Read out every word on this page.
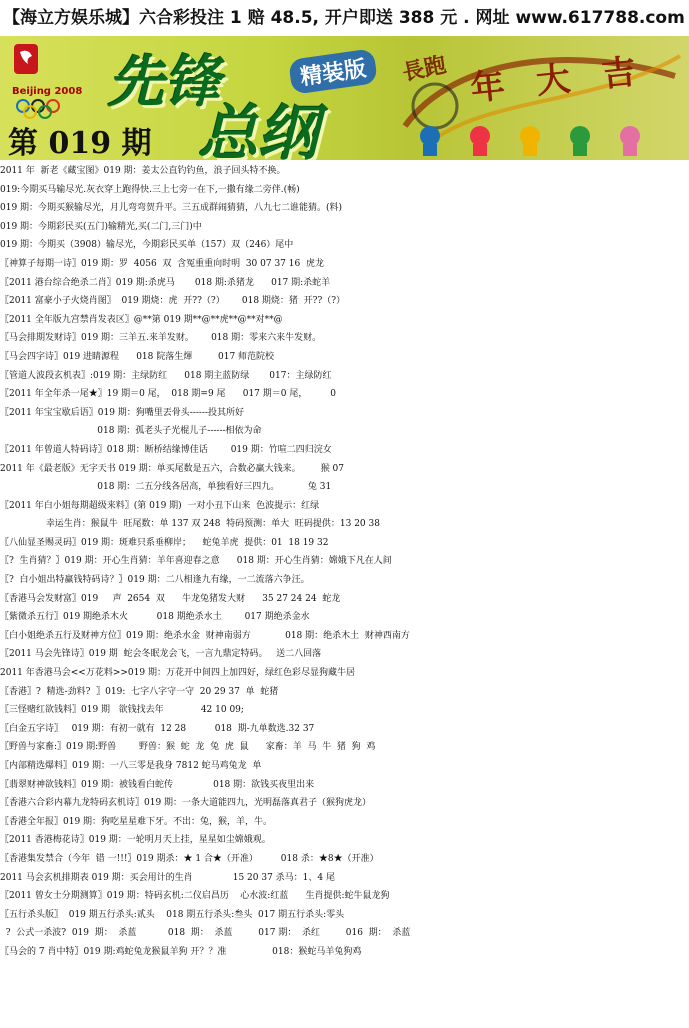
【海立方娱乐城】六合彩投注 1 赔 48.5, 开户即送 388 元 . 网址 www.617788.com
Beijing 2008 先锋	精装版
总纲
第 019 期
長跑 年 大 吉
2011 年  新老《藏宝图》019 期：姜太公直钓钓鱼，浪子回头特不换。
019:今期买马输尽光.灰衣穿上跑得快.三上七旁一在下,一撒有缘二旁伴.(畅)
019 期：今期买猴输尽光，月儿弯弯贺升平。三五成群闹猜猜，八九七二谁能猜。(料)
019 期：今期彩民买(五门)输精光,买(二门,三门)中
019 期：今期买（3908）输尽光，今期彩民买单（157）双（246）尾中
〖神算子每期一诗〗019 期：罗  4056  双  含冤重重向时明  30 07 37 16  虎龙
〖2011 港台综合绝杀二肖〗019 期:杀虎马       018 期:杀猪龙      017 期:杀蛇羊
〖2011 富豪小子火烧肖图〗  019 期烧：虎  开??（?）      018 期烧：猪  开??（?）
〖2011 全年版九宫禁肖发表区〗@**第 019 期**@**虎**@**对**@
〖马会排期发财诗〗019 期：三羊五.来羊发财。      018 期：零来六来牛发财。
〖马会四字诗〗019 进睛源程      018 院落生煇         017 师范院校
〖管道人波段玄机表〗:019 期：主绿防红      018 期主蓝防绿       017：主绿防红
〖2011 年全年杀一尾★〗19 期＝0 尾，  018 期=9 尾      017 期＝0 尾，        0
〖2011 年宝宝歇后语〗019 期：狗嘴里丟骨头------投其所好
018 期：孤老头子光棍儿子------相依为命
〖2011 年曾道人特码诗〗018 期：断桥结缘博佳话        019 期：竹喧二四归浣女
2011 年《最老版》无字天书 019 期：单买尾数是五六，合数必赢大钱来。       猴 07
018 期：二五分线各居高，单独看好三四九。          兔 31
〖2011 年白小姐每期超级来料〗(第 019 期)  一对小丑下山来  色波提示：红绿
幸运生肖：猴鼠牛  旺尾数：单 137 双 248  特码预测：单大  旺码提供：13 20 38
〖八仙显圣赐灵码〗019 期：斑难只系垂柳岸；    蛇兔羊虎  提供：01  18 19 32
〖?  生肖猜？〗019 期：开心生肖猜：羊年喜迎春之意      018 期：开心生肖猜：嫦娥下凡在人间
〖?  白小姐出特赢钱特码诗？〗019 期：二八相逢九有缘，一二流落六争汪。
〖香港马会发财富〗019     声  2654  双      牛龙兔猪发大财      35 27 24 24  蛇龙
〖紫微杀五行〗019 期绝杀木火          018 期绝杀水土        017 期绝杀金水
〖白小姐绝杀五行及财神方位〗019 期：绝杀水金  财神南弱方            018 期：绝杀木土  财神西南方
〖2011 马会先锋诗〗019 期  蛇会冬眠龙会飞，一言九鼎定特码。   送二八回落
2011 年香港马会<<万花料>>019 期：万花开中间四上加四好，绿红色彩尽显狗藏牛居
〖香港〗?  精选-劲料?  〗019:  七字八字守一守  20 29 37  单  蛇猪
〖三怪赌红欲钱料〗019 期   欲钱找去年             42 10 09;
〖白金五字诗〗   019 期：有初一就有  12 28          018  期-九单数选.32 37
〖野兽与家畜:〗019 期:野兽        野兽：猴  蛇  龙  兔  虎  鼠      家畜：羊  马  牛  猪  狗  鸡
〖内部精选爆料〗019 期：一八三零是我身 7812 蛇马鸡兔龙  单
〖翡翠财神欲钱料〗019 期：被钱看白蛇传              018 期：欲钱买夜里出来
〖香港六合彩内幕九龙特码玄机诗〗019 期：一条大道能四九，光明磊落真君子（猴狗虎龙）
〖香港全年报〗019 期：狗吃星星难下牙。不出：兔，猴，羊，牛。
〖2011 香港梅花诗〗019 期：一轮明月天上挂，星星如尘嫦娥观。
〖香港集发禁合（今年  错 一!!!〗019 期杀：★ 1 合★（开准）        018 杀：★8★（开准）
2011 马会玄机排期表 019 期：买会用计的生肖              15 20 37 杀马：1、4 尾
〖2011 曾女士分期测算〗019 期：特码玄机:二仪启昌历    心水波:红蓝      生肖提供:蛇牛鼠龙狗
〖五行杀头版〗  019 期五行杀头:贰头    018 期五行杀头:叁头  017 期五行杀头:零头
?  公式一杀波?  019  期：  杀蓝           018  期：  杀蓝         017 期：  杀红         016  期：  杀蓝
〖马会的 7 肖中特〗019 期:鸡蛇兔龙猴鼠羊狗 开？？准                018：猴蛇马羊兔狗鸡
